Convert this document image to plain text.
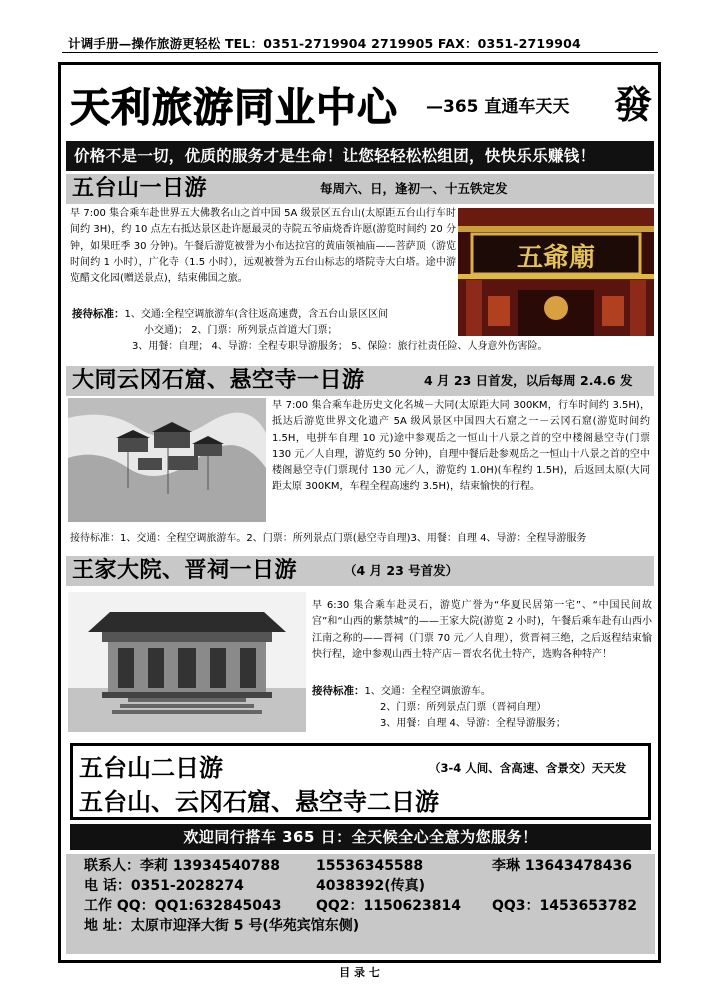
计调手册—操作旅游更轻松 TEL：0351-2719904 2719905 FAX：0351-2719904
天利旅游同业中心 —365 直通车天天 發
价格不是一切，优质的服务才是生命！让您轻轻松松组团，快快乐乐赚钱！
五台山一日游	每周六、日，逢初一、十五铁定发
早 7:00 集合乘车赴世界五大佛教名山之首中国 5A 级景区五台山(太原距五台山行车时间约 3H)，约 10 点左右抵达景区赴许愿最灵的寺院五爷庙烧香许愿(游览时间约 20 分钟，如果旺季 30 分钟)。午餐后游览被誉为小布达拉宫的黄庙领袖庙——菩萨顶（游览时间约 1 小时），广化寺（1.5 小时），远观被誉为五台山标志的塔院寺大白塔。途中游览醋文化园(赠送景点)，结束佛国之旅。
五爺廟
接待标准：1、交通:全程空调旅游车(含往返高速费，含五台山景区区间
小交通)； 2、门票：所列景点首道大门票；
3、用餐：自理； 4、导游：全程专职导游服务； 5、保险：旅行社责任险、人身意外伤害险。
大同云冈石窟、悬空寺一日游	4 月 23 日首发，以后每周 2.4.6 发
早 7:00 集合乘车赴历史文化名城－大同(太原距大同 300KM，行车时间约 3.5H)，抵达后游览世界文化遗产 5A 级风景区中国四大石窟之一－云冈石窟(游览时间约 1.5H，电拼车自理 10 元)途中参观岳之一恒山十八景之首的空中楼阁悬空寺(门票 130 元／人自理，游览约 50 分钟)，自理中餐后赴参观岳之一恒山十八景之首的空中楼阁悬空寺(门票现付 130 元／人，游览约 1.0H)(车程约 1.5H)，后返回太原(大同距太原 300KM，车程全程高速约 3.5H)，结束愉快的行程。
接待标准：1、交通：全程空调旅游车。2、门票：所列景点门票(悬空寺自理)3、用餐：自理 4、导游：全程导游服务
王家大院、晋祠一日游	（4 月 23 号首发）
早 6:30 集合乘车赴灵石，游览广誉为“华夏民居第一宅”、“中国民间故宫”和“山西的紫禁城”的——王家大院(游览 2 小时)，午餐后乘车赴有山西小江南之称的——晋祠（门票 70 元／人自理），赏晋祠三绝，之后返程结束愉快行程，途中参观山西土特产店－晋农名优土特产，选购各种特产！
接待标准：1、交通：全程空调旅游车。
2、门票：所列景点门票（晋祠自理）
3、用餐：自理 4、导游：全程导游服务；
五台山二日游
五台山、云冈石窟、悬空寺二日游
（3-4 人间、含高速、含景交）天天发
欢迎同行搭车 365 日：全天候全心全意为您服务！
联系人：李莉 13934540788	15536345588	李琳 13643478436
电 话：0351-2028274	4038392(传真)
工作 QQ：QQ1:632845043 QQ2：1150623814 QQ3：1453653782
地 址：太原市迎泽大街 5 号(华苑宾馆东侧)
目 录 七
